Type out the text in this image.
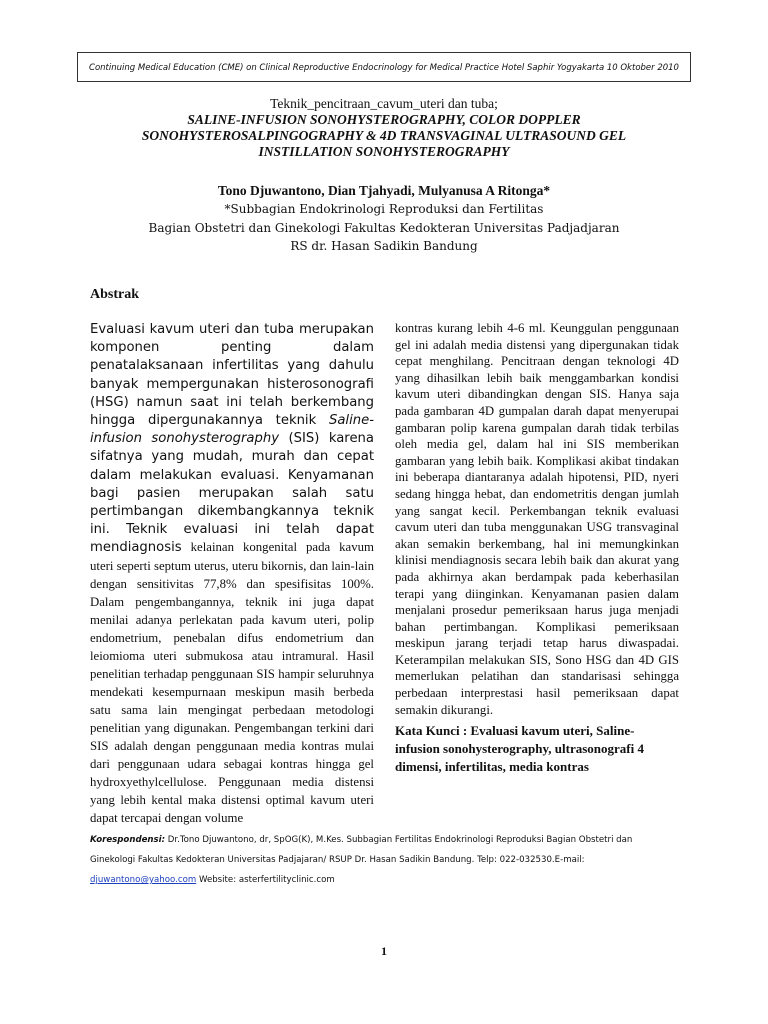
Continuing Medical Education (CME) on Clinical Reproductive Endocrinology for Medical Practice Hotel Saphir Yogyakarta 10 Oktober 2010
Teknik_pencitraan_cavum_uteri dan tuba;
SALINE-INFUSION SONOHYSTEROGRAPHY, COLOR DOPPLER
SONOHYSTEROSALPINGOGRAPHY & 4D TRANSVAGINAL ULTRASOUND GEL
INSTILLATION SONOHYSTEROGRAPHY
Tono Djuwantono, Dian Tjahyadi, Mulyanusa A Ritonga*
*Subbagian Endokrinologi Reproduksi dan Fertilitas
Bagian Obstetri dan Ginekologi Fakultas Kedokteran Universitas Padjadjaran
RS dr. Hasan Sadikin Bandung
Abstrak
Evaluasi kavum uteri dan tuba merupakan komponen penting dalam penatalaksanaan infertilitas yang dahulu banyak mempergunakan histerosonografi (HSG) namun saat ini telah berkembang hingga dipergunakannya teknik Saline-infusion sonohysterography (SIS) karena sifatnya yang mudah, murah dan cepat dalam melakukan evaluasi. Kenyamanan bagi pasien merupakan salah satu pertimbangan dikembangkannya teknik ini. Teknik evaluasi ini telah dapat mendiagnosis kelainan kongenital pada kavum uteri seperti septum uterus, uteru bikornis, dan lain-lain dengan sensitivitas 77,8% dan spesifisitas 100%. Dalam pengembangannya, teknik ini juga dapat menilai adanya perlekatan pada kavum uteri, polip endometrium, penebalan difus endometrium dan leiomioma uteri submukosa atau intramural. Hasil penelitian terhadap penggunaan SIS hampir seluruhnya mendekati kesempurnaan meskipun masih berbeda satu sama lain mengingat perbedaan metodologi penelitian yang digunakan. Pengembangan terkini dari SIS adalah dengan penggunaan media kontras mulai dari penggunaan udara sebagai kontras hingga gel hydroxyethylcellulose. Penggunaan media distensi yang lebih kental maka distensi optimal kavum uteri dapat tercapai dengan volume
kontras kurang lebih 4-6 ml. Keunggulan penggunaan gel ini adalah media distensi yang dipergunakan tidak cepat menghilang. Pencitraan dengan teknologi 4D yang dihasilkan lebih baik menggambarkan kondisi kavum uteri dibandingkan dengan SIS. Hanya saja pada gambaran 4D gumpalan darah dapat menyerupai gambaran polip karena gumpalan darah tidak terbilas oleh media gel, dalam hal ini SIS memberikan gambaran yang lebih baik. Komplikasi akibat tindakan ini beberapa diantaranya adalah hipotensi, PID, nyeri sedang hingga hebat, dan endometritis dengan jumlah yang sangat kecil. Perkembangan teknik evaluasi cavum uteri dan tuba menggunakan USG transvaginal akan semakin berkembang, hal ini memungkinkan klinisi mendiagnosis secara lebih baik dan akurat yang pada akhirnya akan berdampak pada keberhasilan terapi yang diinginkan. Kenyamanan pasien dalam menjalani prosedur pemeriksaan harus juga menjadi bahan pertimbangan. Komplikasi pemeriksaan meskipun jarang terjadi tetap harus diwaspadai. Keterampilan melakukan SIS, Sono HSG dan 4D GIS memerlukan pelatihan dan standarisasi sehingga perbedaan interprestasi hasil pemeriksaan dapat semakin dikurangi.
Kata Kunci : Evaluasi kavum uteri, Saline-infusion sonohysterography, ultrasonografi 4 dimensi, infertilitas, media kontras
Korespondensi: Dr.Tono Djuwantono, dr, SpOG(K), M.Kes. Subbagian Fertilitas Endokrinologi Reproduksi Bagian Obstetri dan
Ginekologi Fakultas Kedokteran Universitas Padjajaran/ RSUP Dr. Hasan Sadikin Bandung. Telp: 022-032530.E-mail:
djuwantono@yahoo.com Website: asterfertilityclinic.com
1
